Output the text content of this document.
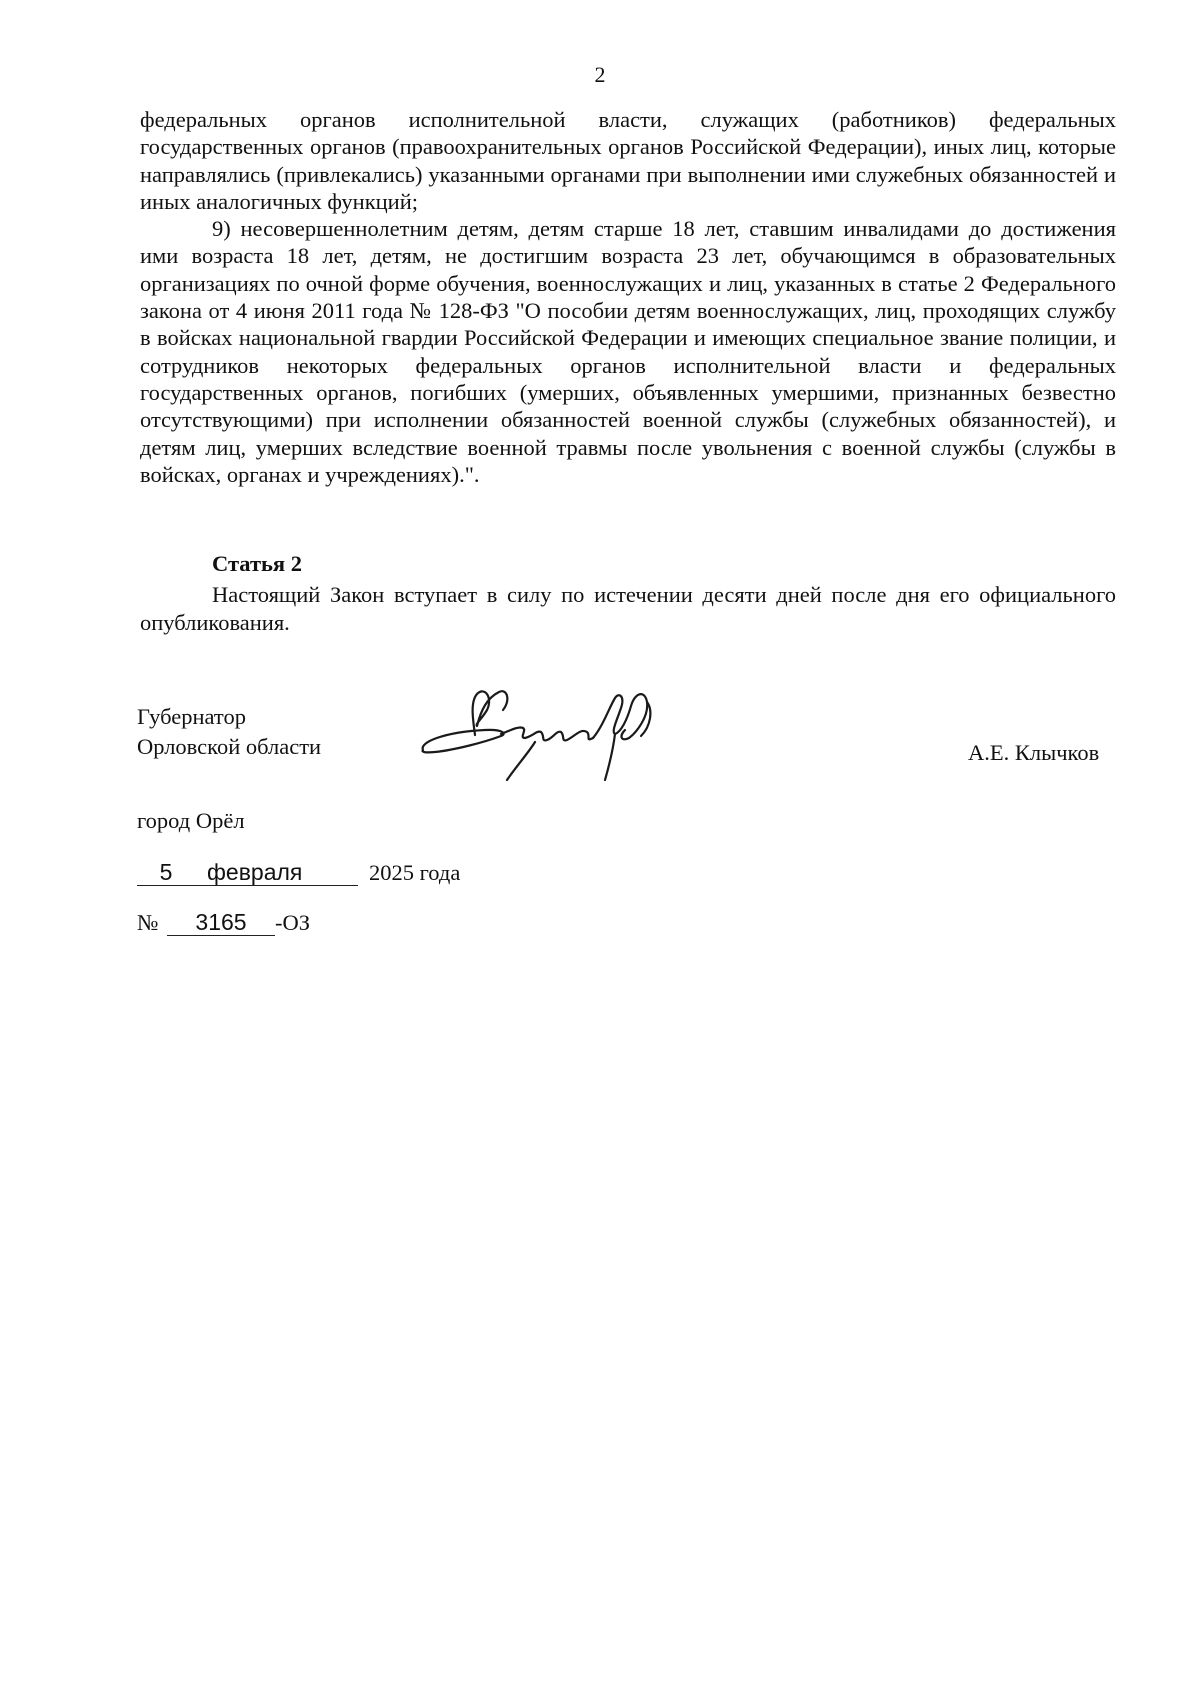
2

федеральных органов исполнительной власти, служащих (работников) федеральных государственных органов (правоохранительных органов Российской Федерации), иных лиц, которые направлялись (привлекались) указанными органами при выполнении ими служебных обязанностей и иных аналогичных функций;

9) несовершеннолетним детям, детям старше 18 лет, ставшим инвалидами до достижения ими возраста 18 лет, детям, не достигшим возраста 23 лет, обучающимся в образовательных организациях по очной форме обучения, военнослужащих и лиц, указанных в статье 2 Федерального закона от 4 июня 2011 года № 128-ФЗ "О пособии детям военнослужащих, лиц, проходящих службу в войсках национальной гвардии Российской Федерации и имеющих специальное звание полиции, и сотрудников некоторых федеральных органов исполнительной власти и федеральных государственных органов, погибших (умерших, объявленных умершими, признанных безвестно отсутствующими) при исполнении обязанностей военной службы (служебных обязанностей), и детям лиц, умерших вследствие военной травмы после увольнения с военной службы (службы в войсках, органах и учреждениях).".

Статья 2

Настоящий Закон вступает в силу по истечении десяти дней после дня его официального опубликования.

Губернатор
Орловской области	А.Е. Клычков
город Орёл
5	февраля	2025 года
№	3165	-ОЗ
